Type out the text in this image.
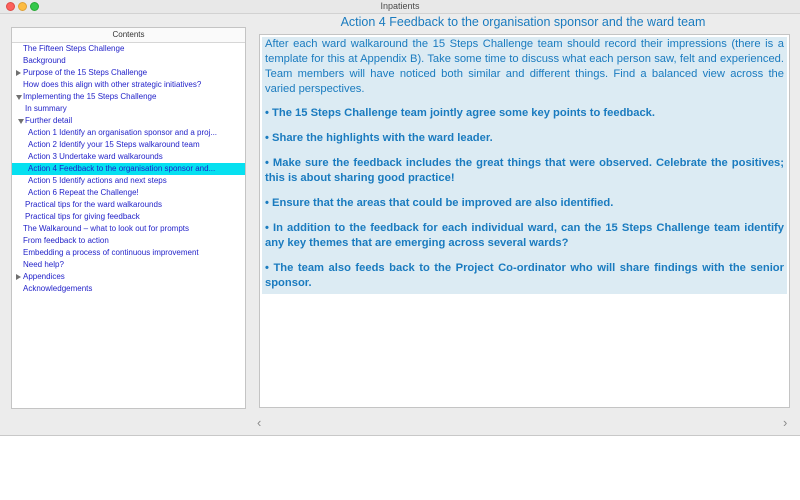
Inpatients
Contents
The Fifteen Steps Challenge
Background
Purpose of the 15 Steps Challenge
How does this align with other strategic initiatives?
Implementing the 15 Steps Challenge
In summary
Further detail
Action 1 Identify an organisation sponsor and a proj...
Action 2 Identify your 15 Steps walkaround team
Action 3 Undertake ward walkarounds
Action 4 Feedback to the organisation sponsor and...
Action 5 Identify actions and next steps
Action 6 Repeat the Challenge!
Practical tips for the ward walkarounds
Practical tips for giving feedback
The Walkaround – what to look out for prompts
From feedback to action
Embedding a process of continuous improvement
Need help?
Appendices
Acknowledgements
Action 4 Feedback to the organisation sponsor and the ward team

After each ward walkaround the 15 Steps Challenge team should record their impressions (there is a template for this at Appendix B). Take some time to discuss what each person saw, felt and experienced. Team members will have noticed both similar and different things. Find a balanced view across the varied perspectives.

• The 15 Steps Challenge team jointly agree some key points to feedback.

• Share the highlights with the ward leader.

• Make sure the feedback includes the great things that were observed. Celebrate the positives; this is about sharing good practice!

• Ensure that the areas that could be improved are also identified.

• In addition to the feedback for each individual ward, can the 15 Steps Challenge team identify any key themes that are emerging across several wards?

• The team also feeds back to the Project Co-ordinator who will share findings with the senior sponsor.

‹	›
